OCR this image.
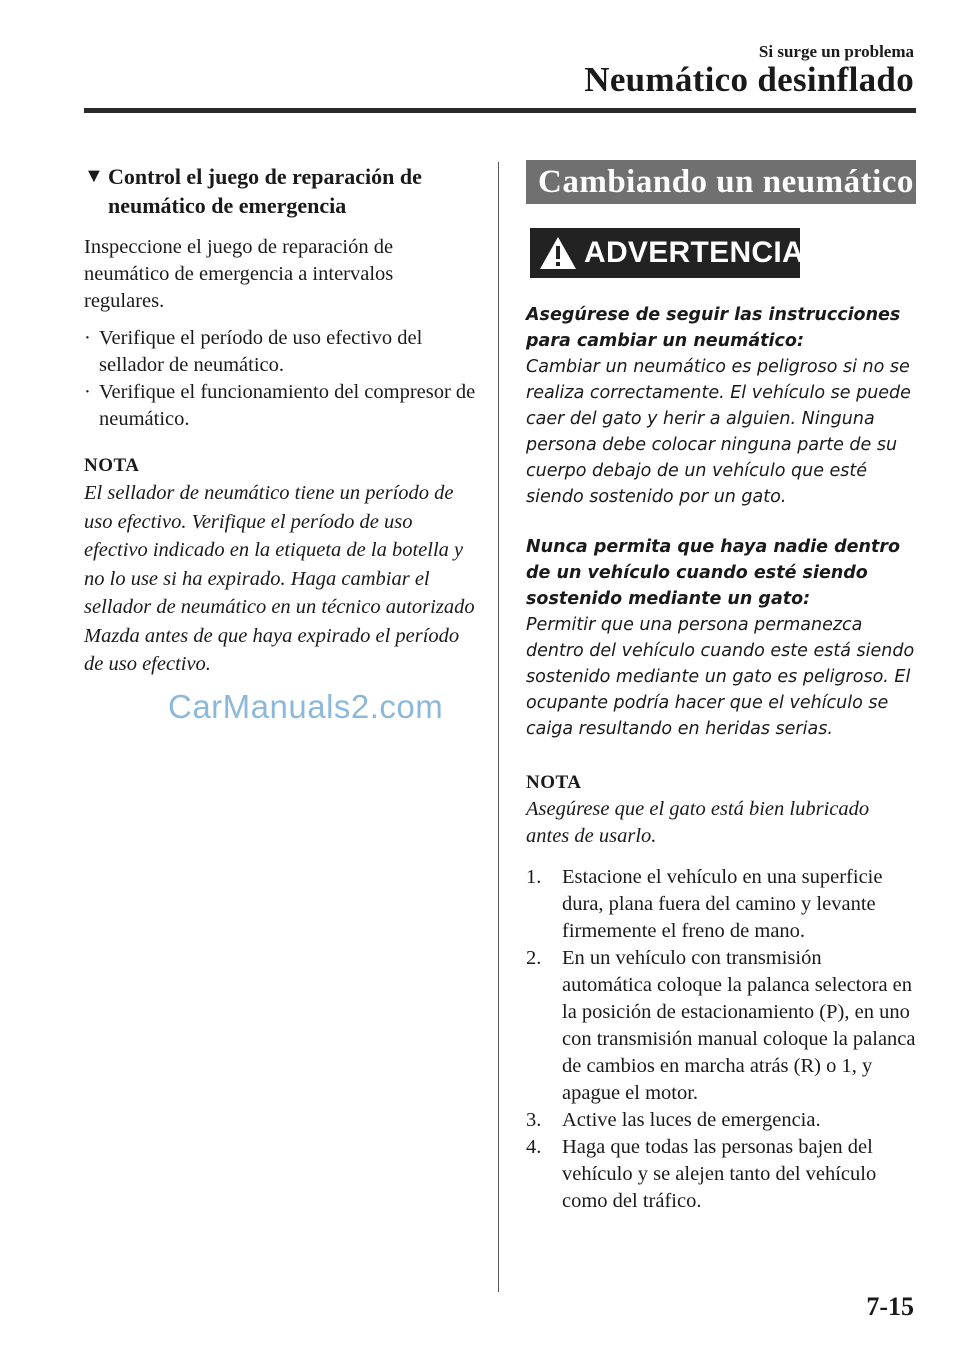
Si surge un problema
Neumático desinflado
▼ Control el juego de reparación de neumático de emergencia
Inspeccione el juego de reparación de neumático de emergencia a intervalos regulares.
· Verifique el período de uso efectivo del sellador de neumático.
· Verifique el funcionamiento del compresor de neumático.
NOTA
El sellador de neumático tiene un período de uso efectivo. Verifique el período de uso efectivo indicado en la etiqueta de la botella y no lo use si ha expirado. Haga cambiar el sellador de neumático en un técnico autorizado Mazda antes de que haya expirado el período de uso efectivo.
CarManuals2.com
Cambiando un neumático
ADVERTENCIA
Asegúrese de seguir las instrucciones para cambiar un neumático:
Cambiar un neumático es peligroso si no se realiza correctamente. El vehículo se puede caer del gato y herir a alguien. Ninguna persona debe colocar ninguna parte de su cuerpo debajo de un vehículo que esté siendo sostenido por un gato.
Nunca permita que haya nadie dentro de un vehículo cuando esté siendo sostenido mediante un gato:
Permitir que una persona permanezca dentro del vehículo cuando este está siendo sostenido mediante un gato es peligroso. El ocupante podría hacer que el vehículo se caiga resultando en heridas serias.
NOTA
Asegúrese que el gato está bien lubricado antes de usarlo.
1.	Estacione el vehículo en una superficie dura, plana fuera del camino y levante firmemente el freno de mano.
2.	En un vehículo con transmisión automática coloque la palanca selectora en la posición de estacionamiento (P), en uno con transmisión manual coloque la palanca de cambios en marcha atrás (R) o 1, y apague el motor.
3.	Active las luces de emergencia.
4.	Haga que todas las personas bajen del vehículo y se alejen tanto del vehículo como del tráfico.
7-15
